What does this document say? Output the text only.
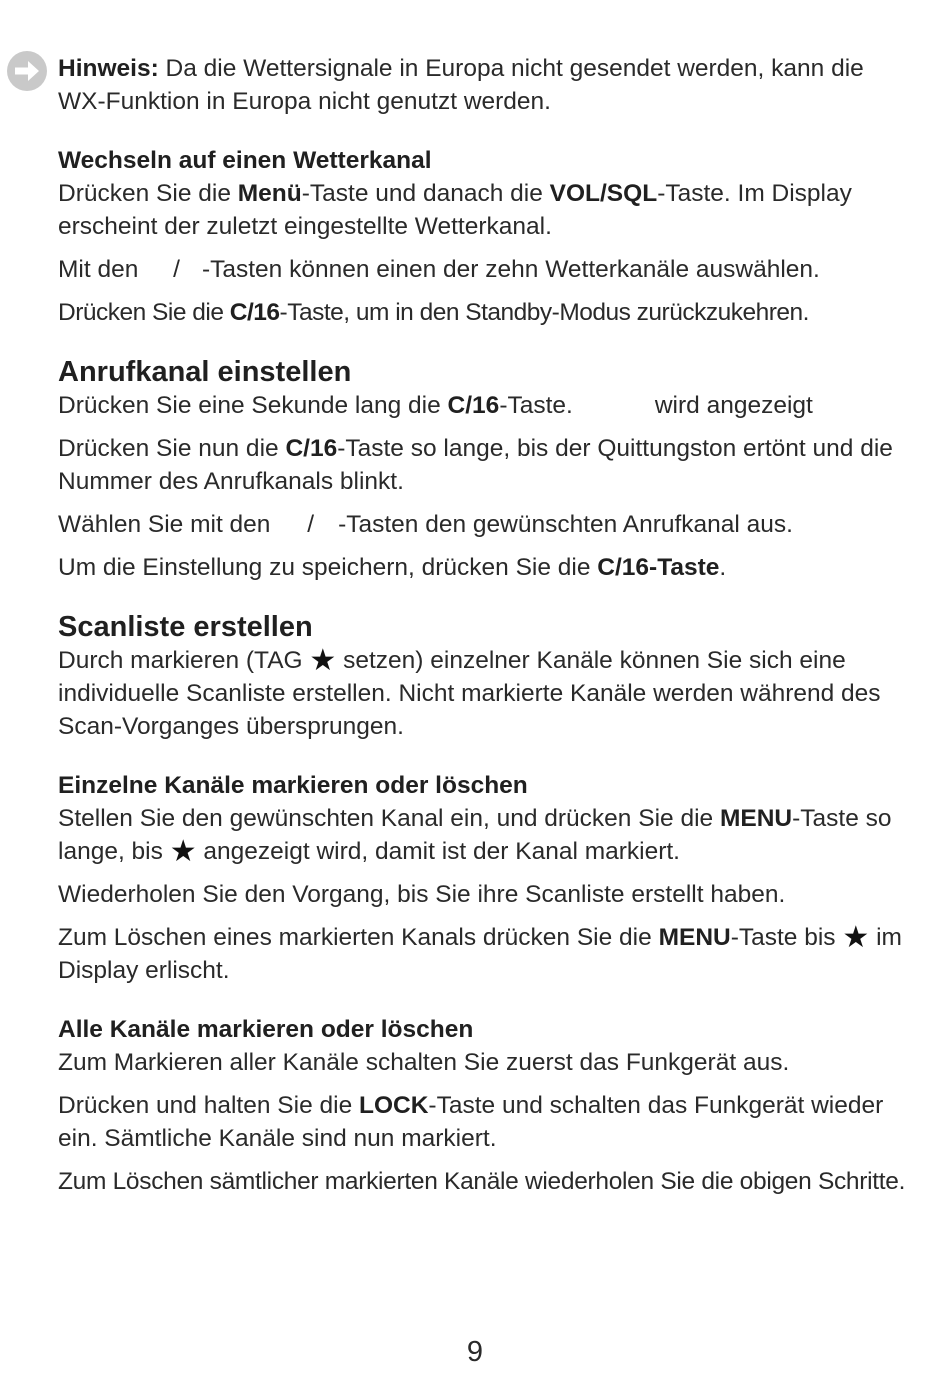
Hinweis: Da die Wettersignale in Europa nicht gesendet werden, kann die WX-Funktion in Europa nicht genutzt werden.

Wechseln auf einen Wetterkanal

Drücken Sie die Menü-Taste und danach die VOL/SQL-Taste. Im Display erscheint der zuletzt eingestellte Wetterkanal.

Mit den / -Tasten können einen der zehn Wetterkanäle auswählen.

Drücken Sie die C/16-Taste, um in den Standby-Modus zurückzukehren.

Anrufkanal einstellen

Drücken Sie eine Sekunde lang die C/16-Taste.	wird angezeigt

Drücken Sie nun die C/16-Taste so lange, bis der Quittungston ertönt und die Nummer des Anrufkanals blinkt.

Wählen Sie mit den / -Tasten den gewünschten Anrufkanal aus.

Um die Einstellung zu speichern, drücken Sie die C/16-Taste.

Scanliste erstellen

Durch markieren (TAG ★ setzen) einzelner Kanäle können Sie sich eine individuelle Scanliste erstellen. Nicht markierte Kanäle werden während des Scan-Vorganges übersprungen.

Einzelne Kanäle markieren oder löschen

Stellen Sie den gewünschten Kanal ein, und drücken Sie die MENU-Taste so lange, bis ★ angezeigt wird, damit ist der Kanal markiert.

Wiederholen Sie den Vorgang, bis Sie ihre Scanliste erstellt haben.

Zum Löschen eines markierten Kanals drücken Sie die MENU-Taste bis ★ im Display erlischt.

Alle Kanäle markieren oder löschen

Zum Markieren aller Kanäle schalten Sie zuerst das Funkgerät aus.

Drücken und halten Sie die LOCK-Taste und schalten das Funkgerät wieder ein. Sämtliche Kanäle sind nun markiert.

Zum Löschen sämtlicher markierten Kanäle wiederholen Sie die obigen Schritte.

9
